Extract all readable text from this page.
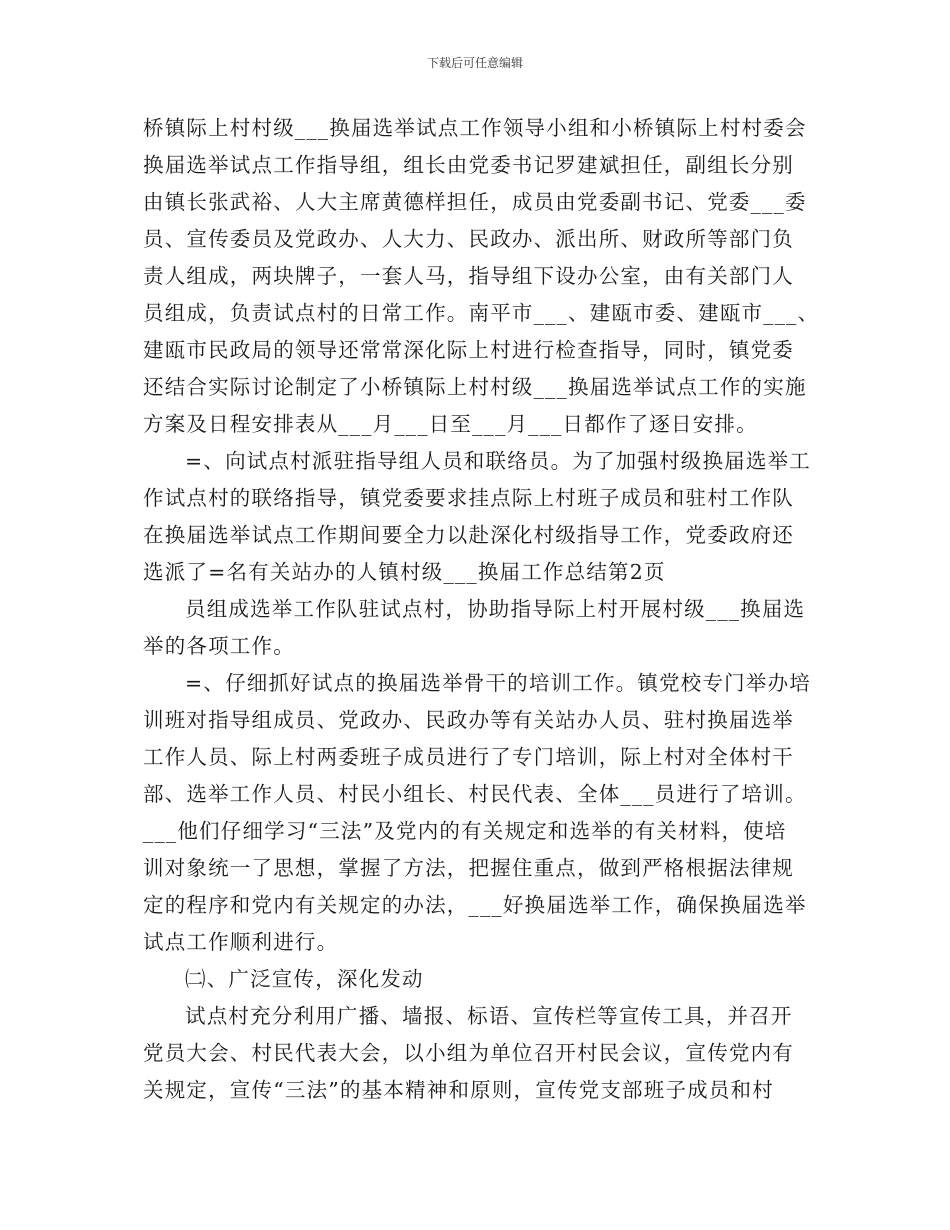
下载后可任意编辑
桥镇际上村村级___换届选举试点工作领导小组和小桥镇际上村村委会
换届选举试点工作指导组，组长由党委书记罗建斌担任，副组长分别
由镇长张武裕、人大主席黄德样担任，成员由党委副书记、党委___委
员、宣传委员及党政办、人大力、民政办、派出所、财政所等部门负
责人组成，两块牌子，一套人马，指导组下设办公室，由有关部门人
员组成，负责试点村的日常工作。南平市___、建瓯市委、建瓯市___、
建瓯市民政局的领导还常常深化际上村进行检查指导，同时，镇党委
还结合实际讨论制定了小桥镇际上村村级___换届选举试点工作的实施
方案及日程安排表从___月___日至___月___日都作了逐日安排。
=、向试点村派驻指导组人员和联络员。为了加强村级换届选举工
作试点村的联络指导，镇党委要求挂点际上村班子成员和驻村工作队
在换届选举试点工作期间要全力以赴深化村级指导工作，党委政府还
选派了=名有关站办的人镇村级___换届工作总结第2页
员组成选举工作队驻试点村，协助指导际上村开展村级___换届选
举的各项工作。
=、仔细抓好试点的换届选举骨干的培训工作。镇党校专门举办培
训班对指导组成员、党政办、民政办等有关站办人员、驻村换届选举
工作人员、际上村两委班子成员进行了专门培训，际上村对全体村干
部、选举工作人员、村民小组长、村民代表、全体___员进行了培训。
___他们仔细学习“三法”及党内的有关规定和选举的有关材料，使培
训对象统一了思想，掌握了方法，把握住重点，做到严格根据法律规
定的程序和党内有关规定的办法，___好换届选举工作，确保换届选举
试点工作顺利进行。
㈡、广泛宣传，深化发动
试点村充分利用广播、墙报、标语、宣传栏等宣传工具，并召开
党员大会、村民代表大会，以小组为单位召开村民会议，宣传党内有
关规定，宣传“三法”的基本精神和原则，宣传党支部班子成员和村
